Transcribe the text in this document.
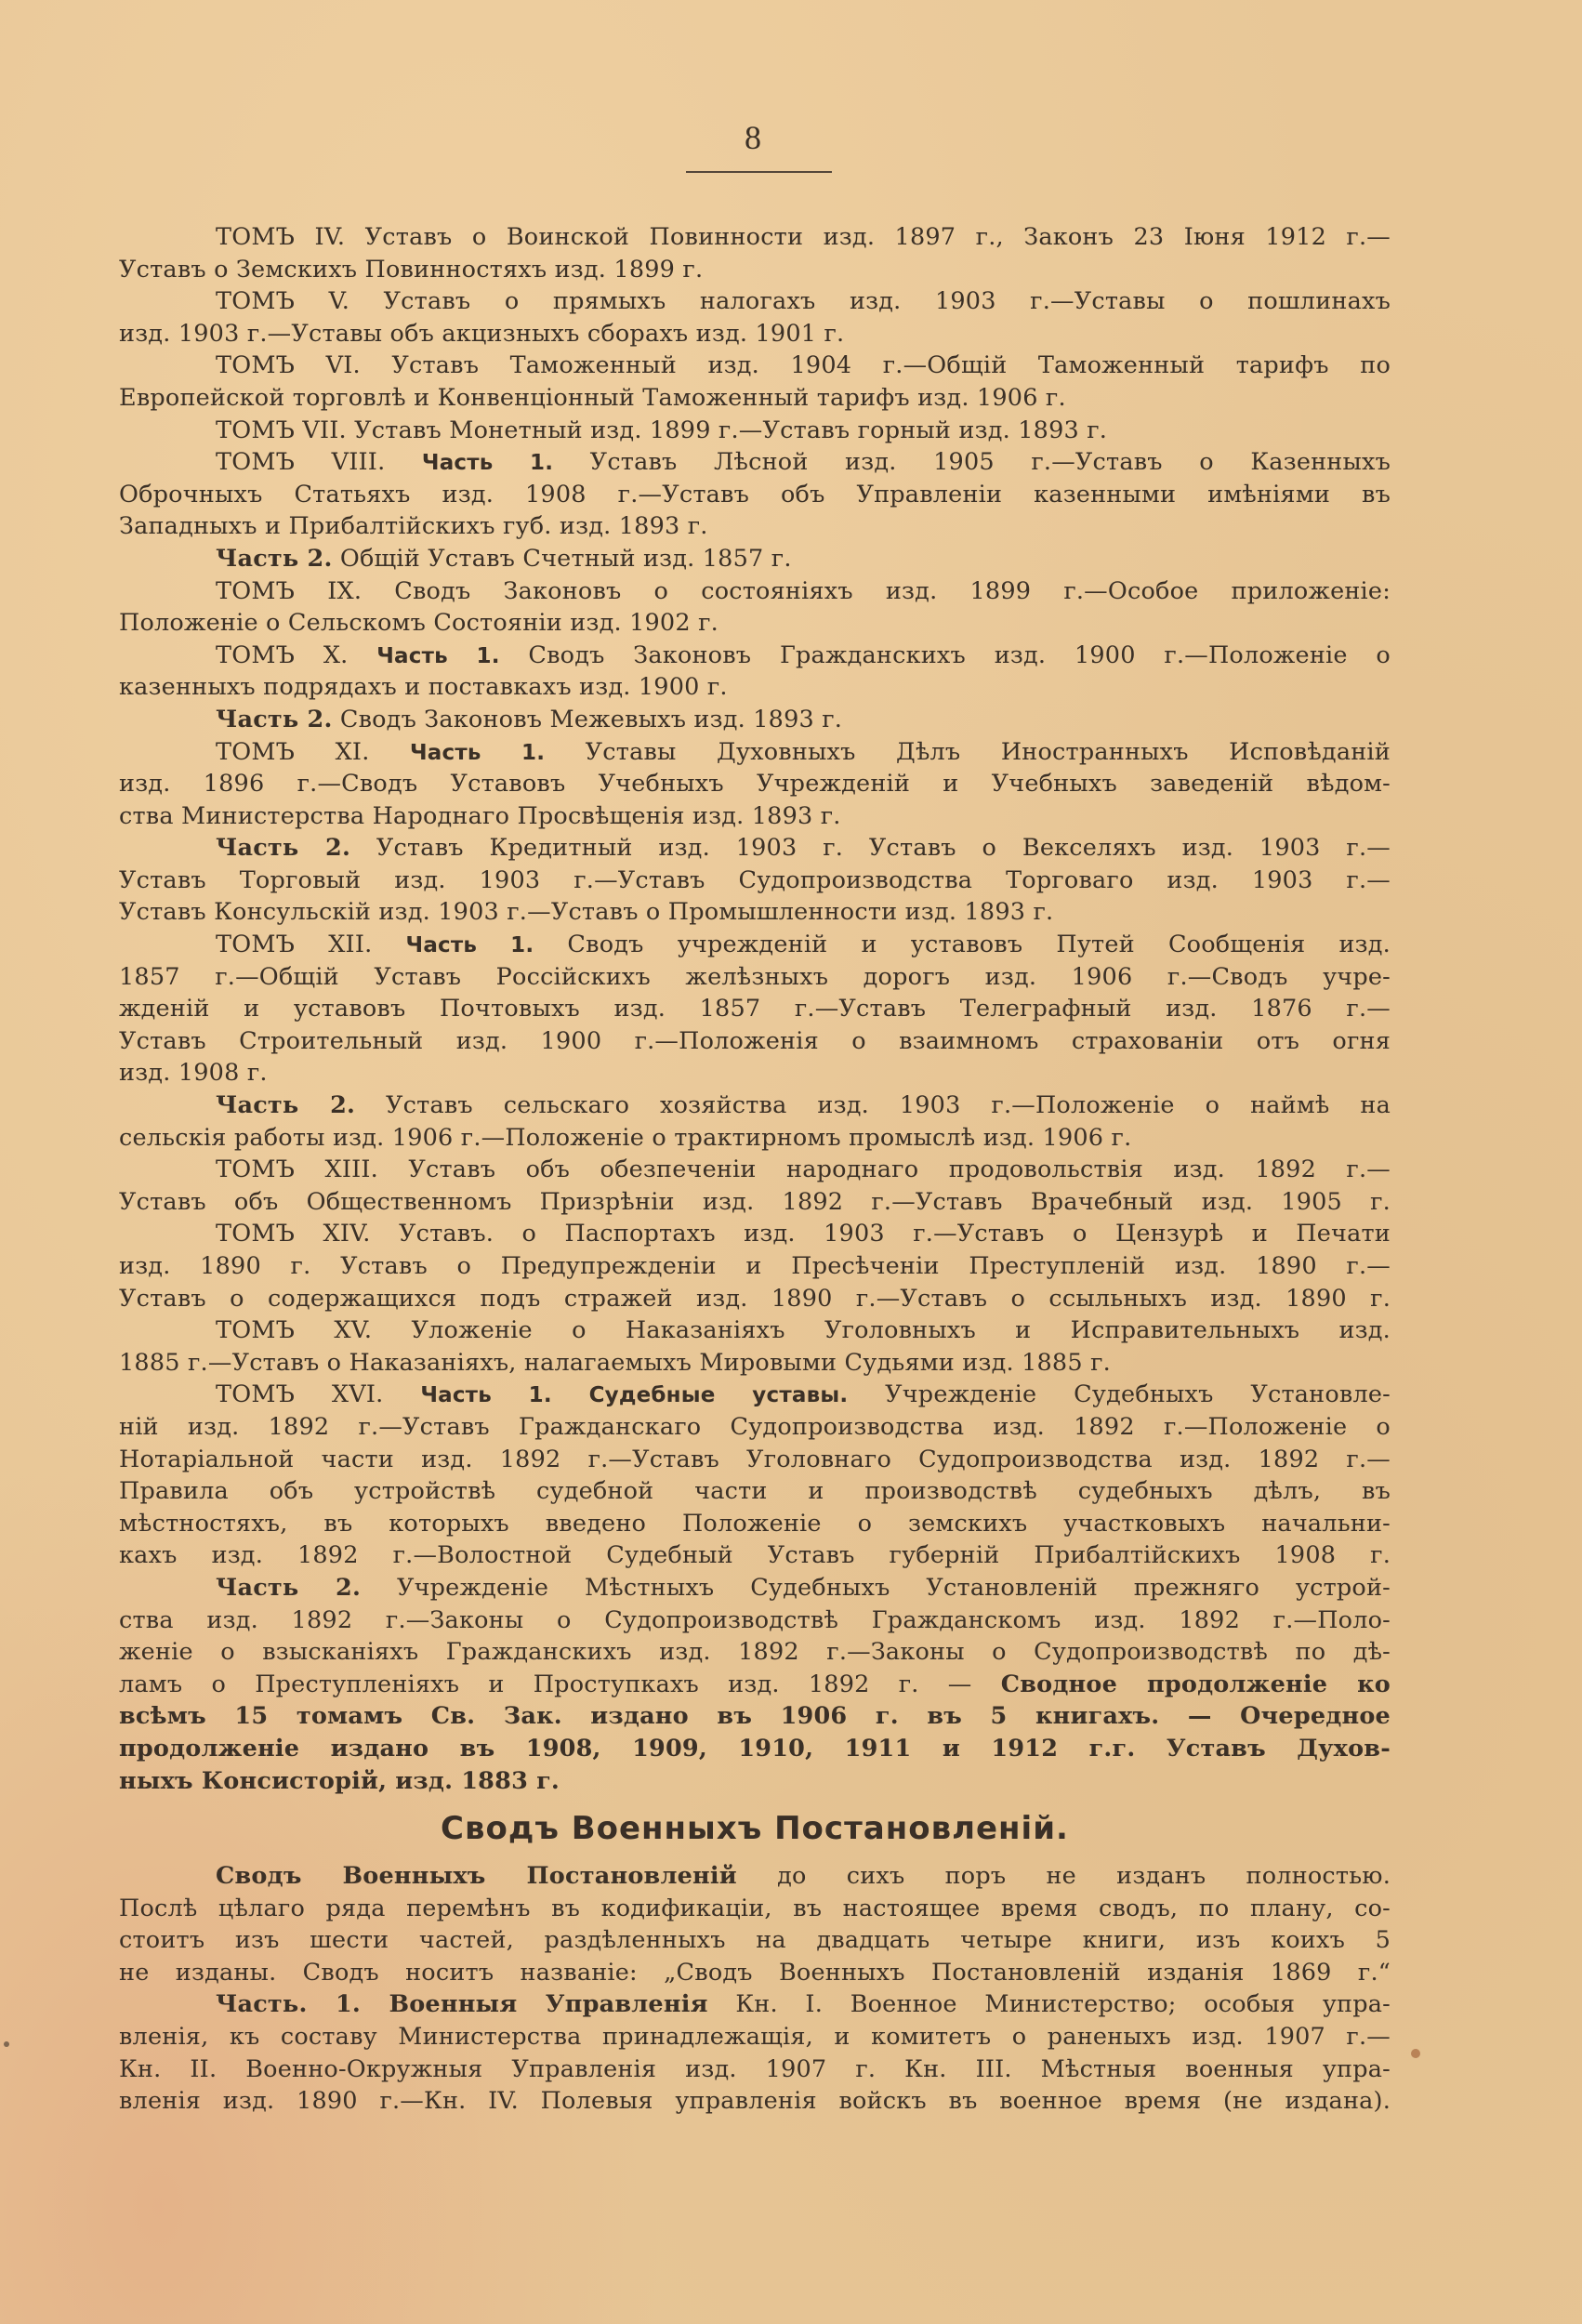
8
ТОМЪ IV. Уставъ о Воинской Повинности изд. 1897 г., Законъ 23 Іюня 1912 г.—
Уставъ о Земскихъ Повинностяхъ изд. 1899 г.
ТОМЪ V. Уставъ о прямыхъ налогахъ изд. 1903 г.—Уставы о пошлинахъ
изд. 1903 г.—Уставы объ акцизныхъ сборахъ изд. 1901 г.
ТОМЪ VI. Уставъ Таможенный изд. 1904 г.—Общій Таможенный тарифъ по
Европейской торговлѣ и Конвенціонный Таможенный тарифъ изд. 1906 г.
ТОМЪ VII. Уставъ Монетный изд. 1899 г.—Уставъ горный изд. 1893 г.
ТОМЪ VIII. Часть 1. Уставъ Лѣсной изд. 1905 г.—Уставъ о Казенныхъ
Оброчныхъ Статьяхъ изд. 1908 г.—Уставъ объ Управленіи казенными имѣніями въ
Западныхъ и Прибалтійскихъ губ. изд. 1893 г.
Часть 2. Общій Уставъ Счетный изд. 1857 г.
ТОМЪ IX. Сводъ Законовъ о состояніяхъ изд. 1899 г.—Особое приложеніе:
Положеніе о Сельскомъ Состояніи изд. 1902 г.
ТОМЪ X. Часть 1. Сводъ Законовъ Гражданскихъ изд. 1900 г.—Положеніе о
казенныхъ подрядахъ и поставкахъ изд. 1900 г.
Часть 2. Сводъ Законовъ Межевыхъ изд. 1893 г.
ТОМЪ XI. Часть 1. Уставы Духовныхъ Дѣлъ Иностранныхъ Исповѣданій
изд. 1896 г.—Сводъ Уставовъ Учебныхъ Учрежденій и Учебныхъ заведеній вѣдом-
ства Министерства Народнаго Просвѣщенія изд. 1893 г.
Часть 2. Уставъ Кредитный изд. 1903 г. Уставъ о Векселяхъ изд. 1903 г.—
Уставъ Торговый изд. 1903 г.—Уставъ Судопроизводства Торговаго изд. 1903 г.—
Уставъ Консульскій изд. 1903 г.—Уставъ о Промышленности изд. 1893 г.
ТОМЪ XII. Часть 1. Сводъ учрежденій и уставовъ Путей Сообщенія изд.
1857 г.—Общій Уставъ Россійскихъ желѣзныхъ дорогъ изд. 1906 г.—Сводъ учре-
жденій и уставовъ Почтовыхъ изд. 1857 г.—Уставъ Телеграфный изд. 1876 г.—
Уставъ Строительный изд. 1900 г.—Положенія о взаимномъ страхованіи отъ огня
изд. 1908 г.
Часть 2. Уставъ сельскаго хозяйства изд. 1903 г.—Положеніе о наймѣ на
сельскія работы изд. 1906 г.—Положеніе о трактирномъ промыслѣ изд. 1906 г.
ТОМЪ XIII. Уставъ объ обезпеченіи народнаго продовольствія изд. 1892 г.—
Уставъ объ Общественномъ Призрѣніи изд. 1892 г.—Уставъ Врачебный изд. 1905 г.
ТОМЪ XIV. Уставъ. о Паспортахъ изд. 1903 г.—Уставъ о Цензурѣ и Печати
изд. 1890 г. Уставъ о Предупрежденіи и Пресѣченіи Преступленій изд. 1890 г.—
Уставъ о содержащихся подъ стражей изд. 1890 г.—Уставъ о ссыльныхъ изд. 1890 г.
ТОМЪ XV. Уложеніе о Наказаніяхъ Уголовныхъ и Исправительныхъ изд.
1885 г.—Уставъ о Наказаніяхъ, налагаемыхъ Мировыми Судьями изд. 1885 г.
ТОМЪ XVI. Часть 1. Судебные уставы. Учрежденіе Судебныхъ Установле-
ній изд. 1892 г.—Уставъ Гражданскаго Судопроизводства изд. 1892 г.—Положеніе о
Нотаріальной части изд. 1892 г.—Уставъ Уголовнаго Судопроизводства изд. 1892 г.—
Правила объ устройствѣ судебной части и производствѣ судебныхъ дѣлъ, въ
мѣстностяхъ, въ которыхъ введено Положеніе о земскихъ участковыхъ начальни-
кахъ изд. 1892 г.—Волостной Судебный Уставъ губерній Прибалтійскихъ 1908 г.
Часть 2. Учрежденіе Мѣстныхъ Судебныхъ Установленій прежняго устрой-
ства изд. 1892 г.—Законы о Судопроизводствѣ Гражданскомъ изд. 1892 г.—Поло-
женіе о взысканіяхъ Гражданскихъ изд. 1892 г.—Законы о Судопроизводствѣ по дѣ-
ламъ о Преступленіяхъ и Проступкахъ изд. 1892 г. — Сводное продолженіе ко
всѣмъ 15 томамъ Св. Зак. издано въ 1906 г. въ 5 книгахъ. — Очередное
продолженіе издано въ 1908, 1909, 1910, 1911 и 1912 г.г. Уставъ Духов-
ныхъ Консисторій, изд. 1883 г.
Сводъ Военныхъ Постановленій.
Сводъ Военныхъ Постановленій до сихъ поръ не изданъ полностью.
Послѣ цѣлаго ряда перемѣнъ въ кодификаціи, въ настоящее время сводъ, по плану, со-
стоитъ изъ шести частей, раздѣленныхъ на двадцать четыре книги, изъ коихъ 5
не изданы. Сводъ носитъ названіе: „Сводъ Военныхъ Постановленій изданія 1869 г.“
Часть. 1. Военныя Управленія Кн. I. Военное Министерство; особыя упра-
вленія, къ составу Министерства принадлежащія, и комитетъ о раненыхъ изд. 1907 г.—
Кн. II. Военно-Окружныя Управленія изд. 1907 г. Кн. III. Мѣстныя военныя упра-
вленія изд. 1890 г.—Кн. IV. Полевыя управленія войскъ въ военное время (не издана).
